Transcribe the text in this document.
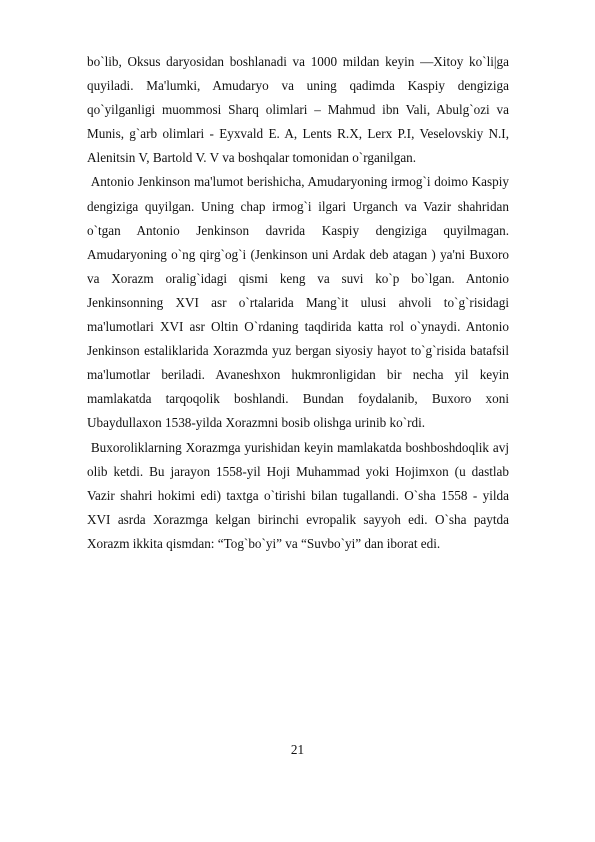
bo`lib, Oksus daryosidan boshlanadi va 1000 mildan keyin —Xitoy ko`li|ga quyiladi. Ma'lumki, Amudaryo va uning qadimda Kaspiy dengiziga qo`yilganligi muommosi Sharq olimlari – Mahmud ibn Vali, Abulg`ozi va Munis, g`arb olimlari - Eyxvald E. A, Lents R.X, Lerx P.I, Veselovskiy N.I, Alenitsin V, Bartold V. V va boshqalar tomonidan o`rganilgan.

Antonio Jenkinson ma'lumot berishicha, Amudaryoning irmog`i doimo Kaspiy dengiziga quyilgan. Uning chap irmog`i ilgari Urganch va Vazir shahridan o`tgan Antonio Jenkinson davrida Kaspiy dengiziga quyilmagan. Amudaryoning o`ng qirg`og`i (Jenkinson uni Ardak deb atagan ) ya'ni Buxoro va Xorazm oralig`idagi qismi keng va suvi ko`p bo`lgan. Antonio Jenkinsonning XVI asr o`rtalarida Mang`it ulusi ahvoli to`g`risidagi ma'lumotlari XVI asr Oltin O`rdaning taqdirida katta rol o`ynaydi. Antonio Jenkinson estaliklarida Xorazmda yuz bergan siyosiy hayot to`g`risida batafsil ma'lumotlar beriladi. Avaneshxon hukmronligidan bir necha yil keyin mamlakatda tarqoqolik boshlandi. Bundan foydalanib, Buxoro xoni Ubaydullaxon 1538-yilda Xorazmni bosib olishga urinib ko`rdi.

Buxoroliklarning Xorazmga yurishidan keyin mamlakatda boshboshdoqlik avj olib ketdi. Bu jarayon 1558-yil Hoji Muhammad yoki Hojimxon (u dastlab Vazir shahri hokimi edi) taxtga o`tirishi bilan tugallandi. O`sha 1558 - yilda XVI asrda Xorazmga kelgan birinchi evropalik sayyoh edi. O`sha paytda Xorazm ikkita qismdan: “Tog`bo`yi” va “Suvbo`yi” dan iborat edi.

21
